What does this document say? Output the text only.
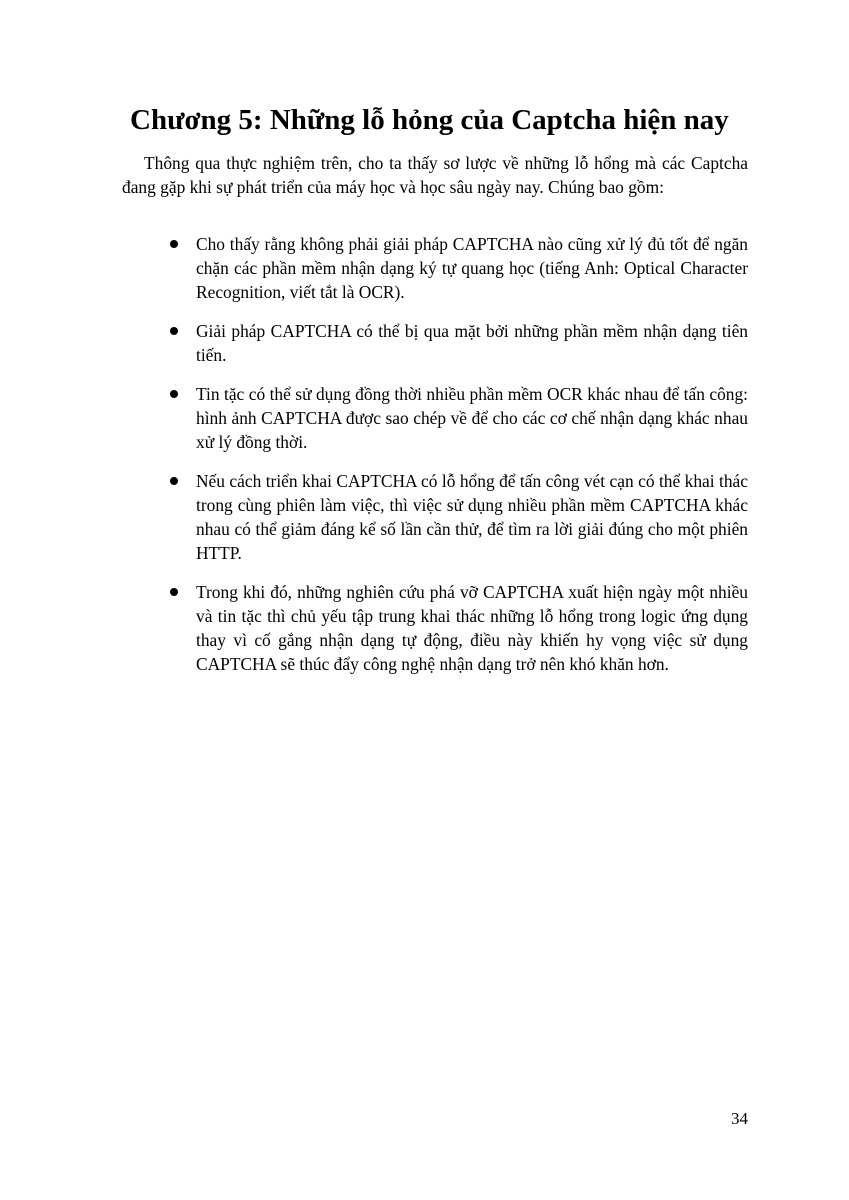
Chương 5: Những lỗ hỏng của Captcha hiện nay

Thông qua thực nghiệm trên, cho ta thấy sơ lược về những lỗ hổng mà các Captcha đang gặp khi sự phát triển của máy học và học sâu ngày nay. Chúng bao gồm:

Cho thấy rằng không phải giải pháp CAPTCHA nào cũng xử lý đủ tốt để ngăn chặn các phần mềm nhận dạng ký tự quang học (tiếng Anh: Optical Character Recognition, viết tắt là OCR).
Giải pháp CAPTCHA có thể bị qua mặt bởi những phần mềm nhận dạng tiên tiến.
Tin tặc có thể sử dụng đồng thời nhiều phần mềm OCR khác nhau để tấn công: hình ảnh CAPTCHA được sao chép về để cho các cơ chế nhận dạng khác nhau xử lý đồng thời.
Nếu cách triển khai CAPTCHA có lỗ hổng để tấn công vét cạn có thể khai thác trong cùng phiên làm việc, thì việc sử dụng nhiều phần mềm CAPTCHA khác nhau có thể giảm đáng kể số lần cần thử, để tìm ra lời giải đúng cho một phiên HTTP.
Trong khi đó, những nghiên cứu phá vỡ CAPTCHA xuất hiện ngày một nhiều và tin tặc thì chủ yếu tập trung khai thác những lỗ hổng trong logic ứng dụng thay vì cố gắng nhận dạng tự động, điều này khiến hy vọng việc sử dụng CAPTCHA sẽ thúc đẩy công nghệ nhận dạng trở nên khó khăn hơn.

34
